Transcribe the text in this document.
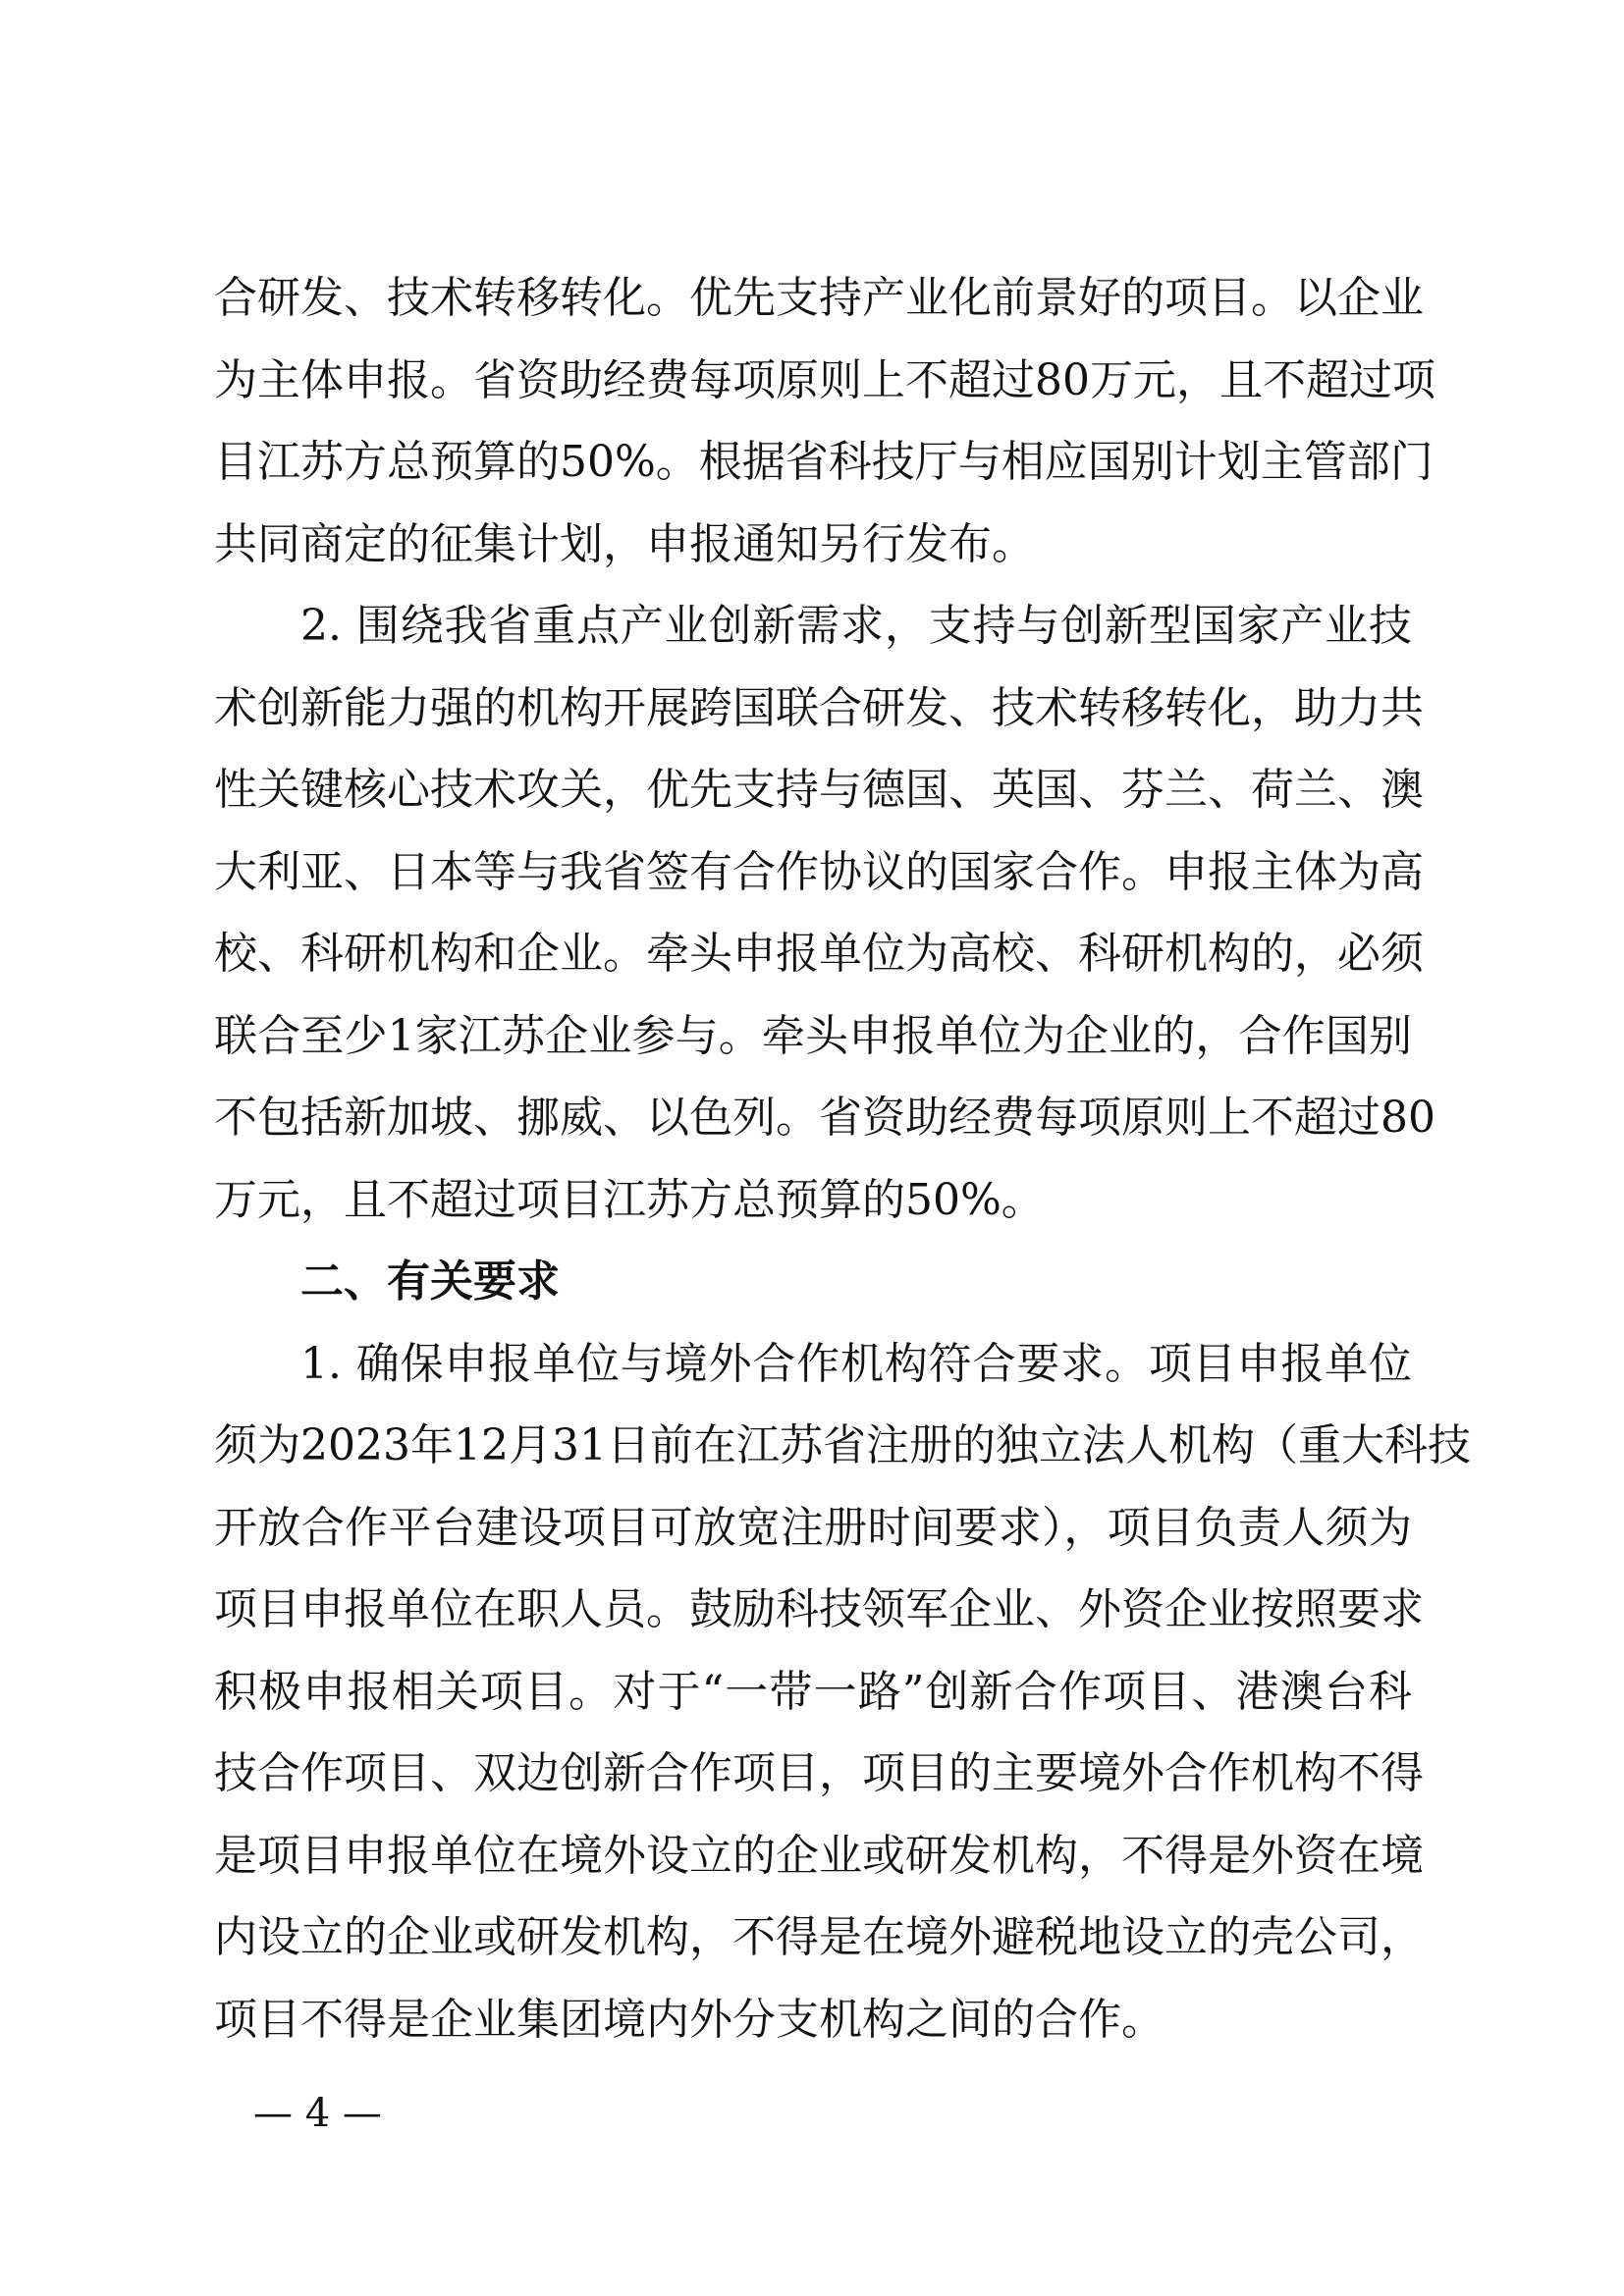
合研发、技术转移转化。优先支持产业化前景好的项目。以企业
为主体申报。省资助经费每项原则上不超过80万元，且不超过项
目江苏方总预算的50%。根据省科技厅与相应国别计划主管部门
共同商定的征集计划，申报通知另行发布。
2. 围绕我省重点产业创新需求，支持与创新型国家产业技
术创新能力强的机构开展跨国联合研发、技术转移转化，助力共
性关键核心技术攻关，优先支持与德国、英国、芬兰、荷兰、澳
大利亚、日本等与我省签有合作协议的国家合作。申报主体为高
校、科研机构和企业。牵头申报单位为高校、科研机构的，必须
联合至少1家江苏企业参与。牵头申报单位为企业的，合作国别
不包括新加坡、挪威、以色列。省资助经费每项原则上不超过80
万元，且不超过项目江苏方总预算的50%。
二、有关要求
1. 确保申报单位与境外合作机构符合要求。项目申报单位
须为2023年12月31日前在江苏省注册的独立法人机构（重大科技
开放合作平台建设项目可放宽注册时间要求），项目负责人须为
项目申报单位在职人员。鼓励科技领军企业、外资企业按照要求
积极申报相关项目。对于“一带一路”创新合作项目、港澳台科
技合作项目、双边创新合作项目，项目的主要境外合作机构不得
是项目申报单位在境外设立的企业或研发机构，不得是外资在境
内设立的企业或研发机构，不得是在境外避税地设立的壳公司，
项目不得是企业集团境内外分支机构之间的合作。
— 4 —
